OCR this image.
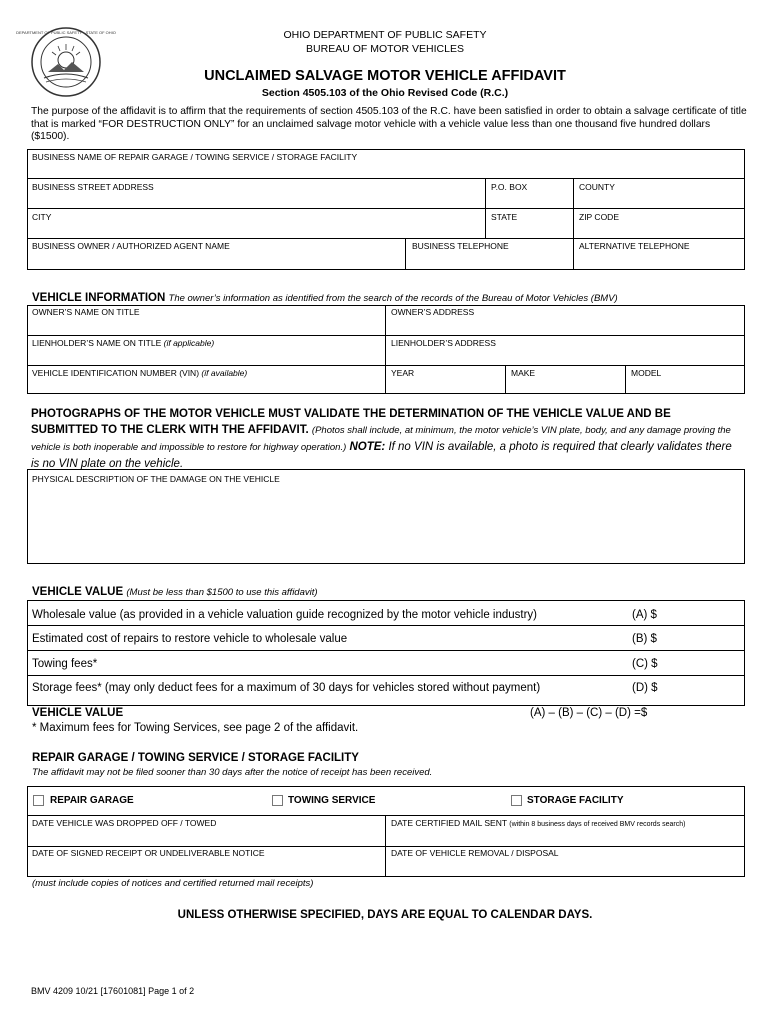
DEPARTMENT OF PUBLIC SAFETY · STATE OF OHIO	OHIO DEPARTMENT OF PUBLIC SAFETY
BUREAU OF MOTOR VEHICLES
UNCLAIMED SALVAGE MOTOR VEHICLE AFFIDAVIT
Section 4505.103 of the Ohio Revised Code (R.C.)
The purpose of the affidavit is to affirm that the requirements of section 4505.103 of the R.C. have been satisfied in order to obtain a salvage certificate of title that is marked “FOR DESTRUCTION ONLY” for an unclaimed salvage motor vehicle with a vehicle value less than one thousand five hundred dollars ($1500).
BUSINESS NAME OF REPAIR GARAGE / TOWING SERVICE / STORAGE FACILITY
BUSINESS STREET ADDRESS	P.O. BOX	COUNTY
CITY	STATE	ZIP CODE
BUSINESS OWNER / AUTHORIZED AGENT NAME	BUSINESS TELEPHONE	ALTERNATIVE TELEPHONE
VEHICLE INFORMATION The owner’s information as identified from the search of the records of the Bureau of Motor Vehicles (BMV)
OWNER’S NAME ON TITLE	OWNER’S ADDRESS
LIENHOLDER’S NAME ON TITLE (if applicable)	LIENHOLDER’S ADDRESS
VEHICLE IDENTIFICATION NUMBER (VIN) (if available)	YEAR	MAKE	MODEL
PHOTOGRAPHS OF THE MOTOR VEHICLE MUST VALIDATE THE DETERMINATION OF THE VEHICLE VALUE AND BE SUBMITTED TO THE CLERK WITH THE AFFIDAVIT. (Photos shall include, at minimum, the motor vehicle’s VIN plate, body, and any damage proving the vehicle is both inoperable and impossible to restore for highway operation.) NOTE: If no VIN is available, a photo is required that clearly validates there is no VIN plate on the vehicle.
PHYSICAL DESCRIPTION OF THE DAMAGE ON THE VEHICLE
VEHICLE VALUE (Must be less than $1500 to use this affidavit)
Wholesale value (as provided in a vehicle valuation guide recognized by the motor vehicle industry)	(A) $
Estimated cost of repairs to restore vehicle to wholesale value	(B) $
Towing fees*	(C) $
Storage fees* (may only deduct fees for a maximum of 30 days for vehicles stored without payment)	(D) $
VEHICLE VALUE	(A) – (B) – (C) – (D) =$
* Maximum fees for Towing Services, see page 2 of the affidavit.
REPAIR GARAGE / TOWING SERVICE / STORAGE FACILITY
The affidavit may not be filed sooner than 30 days after the notice of receipt has been received.
REPAIR GARAGE	TOWING SERVICE	STORAGE FACILITY
DATE VEHICLE WAS DROPPED OFF / TOWED	DATE CERTIFIED MAIL SENT (within 8 business days of received BMV records search)
DATE OF SIGNED RECEIPT OR UNDELIVERABLE NOTICE	DATE OF VEHICLE REMOVAL / DISPOSAL
(must include copies of notices and certified returned mail receipts)
UNLESS OTHERWISE SPECIFIED, DAYS ARE EQUAL TO CALENDAR DAYS.
BMV 4209 10/21 [17601081] Page 1 of 2
